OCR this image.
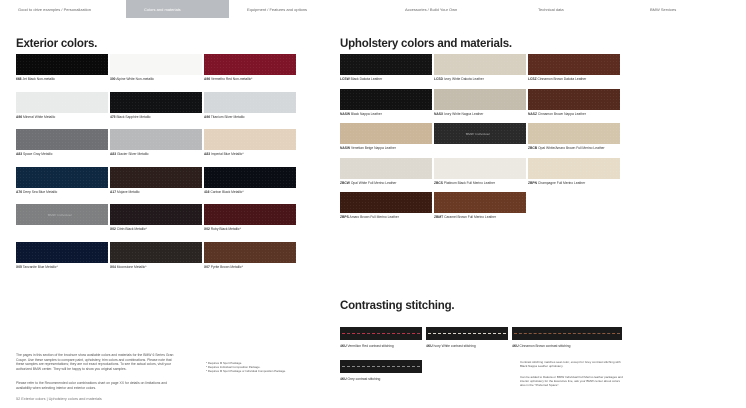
Good to drive examples / Personalization	Colors and materials	Equipment / Features and options	Accessories / Build Your Own	Technical data	BMW Services
Exterior colors.
668 Jet Black Non-metallic	300 Alpine White Non-metallic	A96 Vermelho Red Non-metallic*
A96 Mineral White Metallic	475 Black Sapphire Metallic	A96 Titanium Silver Metallic
A83 Space Gray Metallic	A83 Glacier Silver Metallic	A83 Imperial Blue Metallic*
A76 Deep Sea Blue Metallic	A17 Mojave Metallic	416 Carbon Black Metallic*
BMW Individual
X02 Citrin Black Metallic*	X02 Ruby Black Metallic*
X05 Tanzanite Blue Metallic*	X04 Moonstone Metallic*	X07 Pyrite Brown Metallic*
The pages in this section of the brochure show available colors and materials for the BMW 6 Series Gran Coupe. Use these samples to compare paint, upholstery, trim colors and combinations. Please note that these samples are representations; they are not exact reproductions. To see the actual colors, visit your authorized BMW center. They will be happy to show you original samples.
Please refer to the Recommended color combinations chart on page XX for details on limitations and availability when selecting interior and exterior colors.
* Requires M Sport Package.
* Requires Individual Composition Package.
* Requires M Sport Package or Individual Composition Package.
52 Exterior colors | Upholstery colors and materials
Upholstery colors and materials.
LCSW Black Dakota Leather	LCSD Ivory White Dakota Leather	LCSZ Cinnamon Brown Dakota Leather
NASW Black Nappa Leather	NASX Ivory White Nappa Leather	NASZ Cinnamon Brown Nappa Leather
NASW Venetian Beige Nappa Leather
BMW Individual
ZBCB Opal White/Amaro Brown Full Merino Leather
ZBCW Opal White Full Merino Leather	ZBCS Platinum Black Full Merino Leather	ZBPN Champagne Full Merino Leather
ZBPS Amaro Brown Full Merino Leather	ZBMT Caramel Brown Full Merino Leather
Contrasting stitching.
4KU Vermilion Red contrast stitching	4KU Ivory White contrast stitching	4KU Cinnamon Brown contrast stitching
4KU Grey contrast stitching
Contrast stitching matches seat color, except for Grey contrast stitching with Black Nappa Leather upholstery.
Can be added to Dakota or BMW Individual Full Merino leather packages and interior upholstery for the Executive line, ask your BMW center about colors also in the "Preferred Space".
